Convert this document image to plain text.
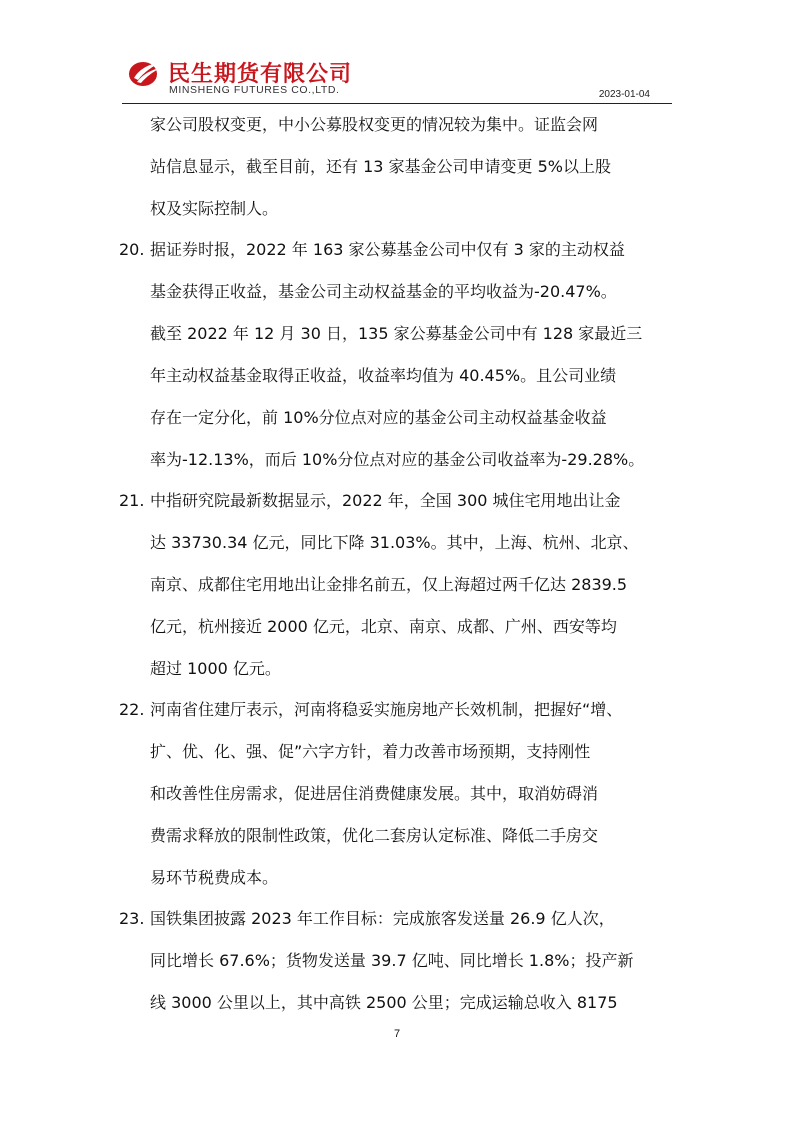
民生期货有限公司
MINSHENG FUTURES CO.,LTD.	2023-01-04
家公司股权变更，中小公募股权变更的情况较为集中。证监会网
站信息显示，截至目前，还有 13 家基金公司申请变更 5%以上股
权及实际控制人。
20. 据证券时报，2022 年 163 家公募基金公司中仅有 3 家的主动权益
基金获得正收益，基金公司主动权益基金的平均收益为-20.47%。
截至 2022 年 12 月 30 日，135 家公募基金公司中有 128 家最近三
年主动权益基金取得正收益，收益率均值为 40.45%。且公司业绩
存在一定分化，前 10%分位点对应的基金公司主动权益基金收益
率为-12.13%，而后 10%分位点对应的基金公司收益率为-29.28%。
21. 中指研究院最新数据显示，2022 年，全国 300 城住宅用地出让金
达 33730.34 亿元，同比下降 31.03%。其中，上海、杭州、北京、
南京、成都住宅用地出让金排名前五，仅上海超过两千亿达 2839.5
亿元，杭州接近 2000 亿元，北京、南京、成都、广州、西安等均
超过 1000 亿元。
22. 河南省住建厅表示，河南将稳妥实施房地产长效机制，把握好“增、
扩、优、化、强、促”六字方针，着力改善市场预期，支持刚性
和改善性住房需求，促进居住消费健康发展。其中，取消妨碍消
费需求释放的限制性政策，优化二套房认定标准、降低二手房交
易环节税费成本。
23. 国铁集团披露 2023 年工作目标：完成旅客发送量 26.9 亿人次，
同比增长 67.6%；货物发送量 39.7 亿吨、同比增长 1.8%；投产新
线 3000 公里以上，其中高铁 2500 公里；完成运输总收入 8175
7
